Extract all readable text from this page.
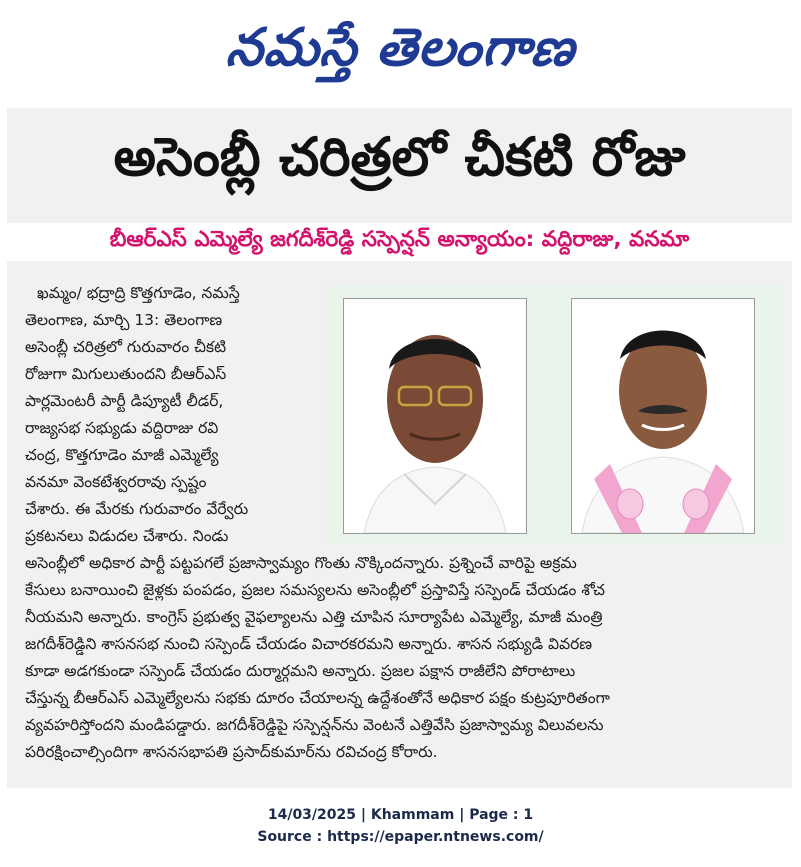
నమస్తే తెలంగాణ
అసెంబ్లీ చరిత్రలో చీకటి రోజు
బీఆర్ఎస్ ఎమ్మెల్యే జగదీశ్‌రెడ్డి సస్పెన్షన్ అన్యాయం: వద్దిరాజు, వనమా
ఖమ్మం/ భద్రాద్రి కొత్తగూడెం, నమస్తే
తెలంగాణ, మార్చి 13: తెలంగాణ
అసెంబ్లీ చరిత్రలో గురువారం చీకటి
రోజుగా మిగులుతుందని బీఆర్ఎస్
పార్లమెంటరీ పార్టీ డిప్యూటీ లీడర్,
రాజ్యసభ సభ్యుడు వద్దిరాజు రవి
చంద్ర, కొత్తగూడెం మాజీ ఎమ్మెల్యే
వనమా వెంకటేశ్వరరావు స్పష్టం
చేశారు. ఈ మేరకు గురువారం వేర్వేరు
ప్రకటనలు విడుదల చేశారు. నిండు
అసెంబ్లీలో అధికార పార్టీ పట్టపగలే ప్రజాస్వామ్యం గొంతు నొక్కిందన్నారు. ప్రశ్నించే వారిపై అక్రమ
కేసులు బనాయించి జైళ్లకు పంపడం, ప్రజల సమస్యలను అసెంబ్లీలో ప్రస్తావిస్తే సస్పెండ్ చేయడం శోచ
నీయమని అన్నారు. కాంగ్రెస్ ప్రభుత్వ వైఫల్యాలను ఎత్తి చూపిన సూర్యాపేట ఎమ్మెల్యే, మాజీ మంత్రి
జగదీశ్‌రెడ్డిని శాసనసభ నుంచి సస్పెండ్ చేయడం విచారకరమని అన్నారు. శాసన సభ్యుడి వివరణ
కూడా అడగకుండా సస్పెండ్ చేయడం దుర్మార్గమని అన్నారు. ప్రజల పక్షాన రాజీలేని పోరాటాలు
చేస్తున్న బీఆర్ఎస్ ఎమ్మెల్యేలను సభకు దూరం చేయాలన్న ఉద్దేశంతోనే అధికార పక్షం కుట్రపూరితంగా
వ్యవహరిస్తోందని మండిపడ్డారు. జగదీశ్‌రెడ్డిపై సస్పెన్షన్‌ను వెంటనే ఎత్తివేసి ప్రజాస్వామ్య విలువలను
పరిరక్షించాల్సిందిగా శాసనసభాపతి ప్రసాద్‌కుమార్‌ను రవిచంద్ర కోరారు.
14/03/2025 | Khammam | Page : 1
Source : https://epaper.ntnews.com/
